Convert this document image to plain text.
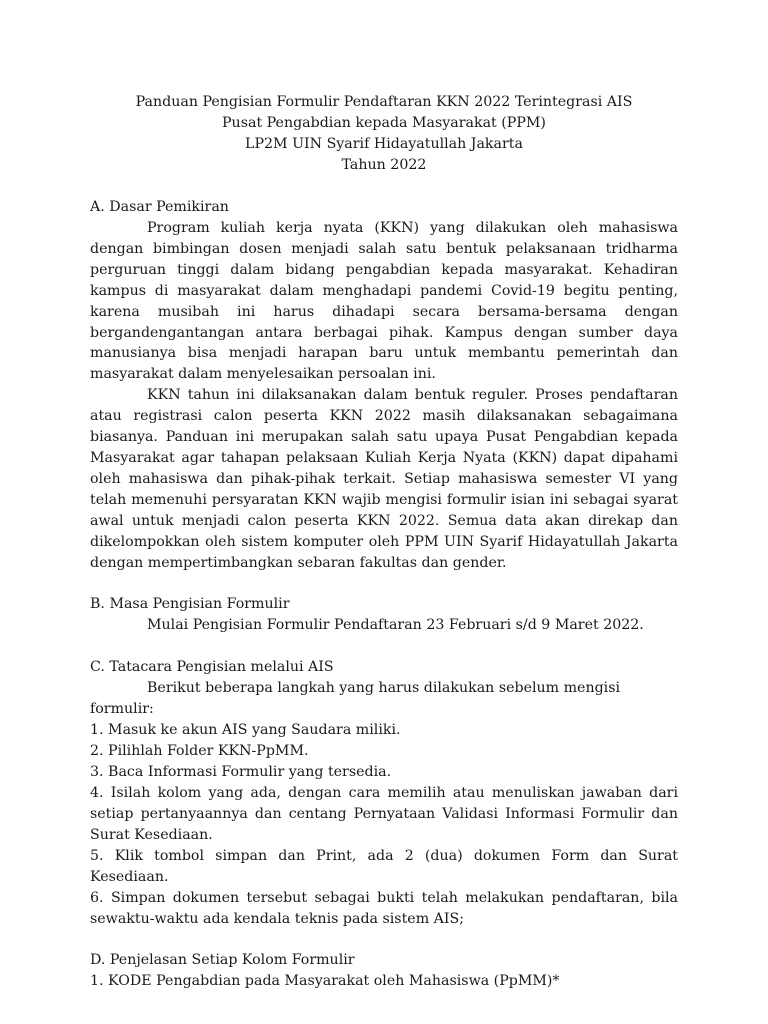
Panduan Pengisian Formulir Pendaftaran KKN 2022 Terintegrasi AIS
Pusat Pengabdian kepada Masyarakat (PPM)
LP2M UIN Syarif Hidayatullah Jakarta
Tahun 2022
A. Dasar Pemikiran

Program kuliah kerja nyata (KKN) yang dilakukan oleh mahasiswa dengan bimbingan dosen menjadi salah satu bentuk pelaksanaan tridharma perguruan tinggi dalam bidang pengabdian kepada masyarakat. Kehadiran kampus di masyarakat dalam menghadapi pandemi Covid-19 begitu penting, karena musibah ini harus dihadapi secara bersama-bersama dengan bergandengantangan antara berbagai pihak. Kampus dengan sumber daya manusianya bisa menjadi harapan baru untuk membantu pemerintah dan masyarakat dalam menyelesaikan persoalan ini.

KKN tahun ini dilaksanakan dalam bentuk reguler. Proses pendaftaran atau registrasi calon peserta KKN 2022 masih dilaksanakan sebagaimana biasanya. Panduan ini merupakan salah satu upaya Pusat Pengabdian kepada Masyarakat agar tahapan pelaksaan Kuliah Kerja Nyata (KKN) dapat dipahami oleh mahasiswa dan pihak-pihak terkait. Setiap mahasiswa semester VI yang telah memenuhi persyaratan KKN wajib mengisi formulir isian ini sebagai syarat awal untuk menjadi calon peserta KKN 2022. Semua data akan direkap dan dikelompokkan oleh sistem komputer oleh PPM UIN Syarif Hidayatullah Jakarta dengan mempertimbangkan sebaran fakultas dan gender.

B. Masa Pengisian Formulir
Mulai Pengisian Formulir Pendaftaran 23 Februari s/d 9 Maret 2022.
C. Tatacara Pengisian melalui AIS
Berikut beberapa langkah yang harus dilakukan sebelum mengisi formulir:
1. Masuk ke akun AIS yang Saudara miliki.
2. Pilihlah Folder KKN-PpMM.
3. Baca Informasi Formulir yang tersedia.
4. Isilah kolom yang ada, dengan cara memilih atau menuliskan jawaban dari setiap pertanyaannya dan centang Pernyataan Validasi Informasi Formulir dan Surat Kesediaan.
5. Klik tombol simpan dan Print, ada 2 (dua) dokumen Form dan Surat Kesediaan.
6. Simpan dokumen tersebut sebagai bukti telah melakukan pendaftaran, bila sewaktu-waktu ada kendala teknis pada sistem AIS;
D. Penjelasan Setiap Kolom Formulir
1. KODE Pengabdian pada Masyarakat oleh Mahasiswa (PpMM)*
